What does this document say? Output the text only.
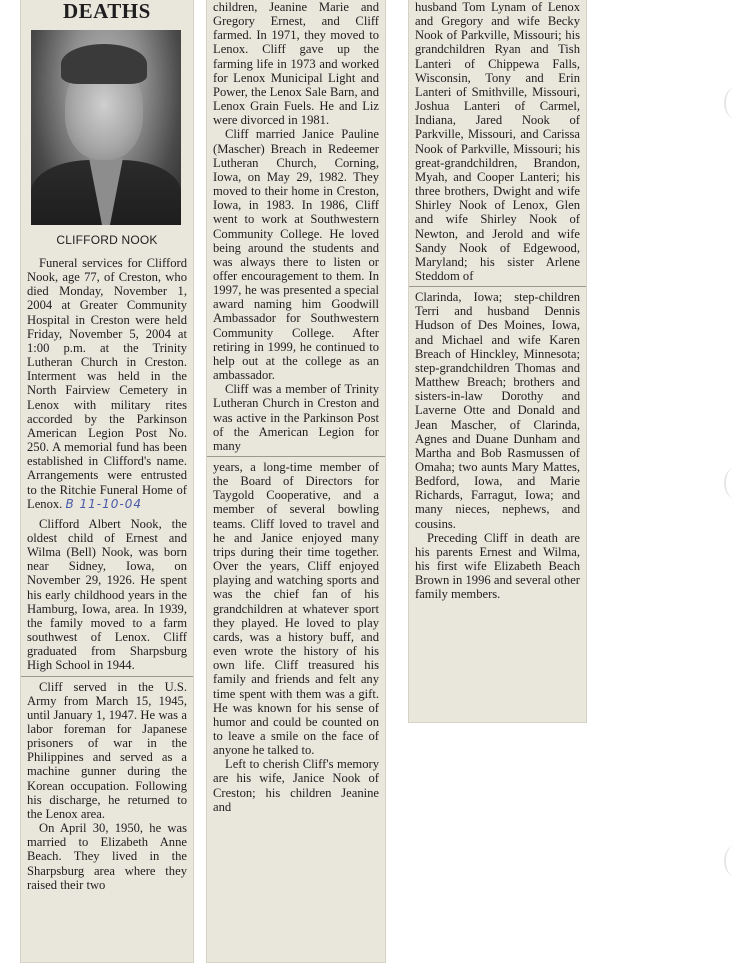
DEATHS
CLIFFORD NOOK

Funeral services for Clifford Nook, age 77, of Creston, who died Monday, November 1, 2004 at Greater Community Hospital in Creston were held Friday, November 5, 2004 at 1:00 p.m. at the Trinity Lutheran Church in Creston. Interment was held in the North Fairview Cemetery in Lenox with military rites accorded by the Parkinson American Legion Post No. 250. A memorial fund has been established in Clifford's name. Arrangements were entrusted to the Ritchie Funeral Home of Lenox. B 11-10-04

Clifford Albert Nook, the oldest child of Ernest and Wilma (Bell) Nook, was born near Sidney, Iowa, on November 29, 1926. He spent his early childhood years in the Hamburg, Iowa, area. In 1939, the family moved to a farm southwest of Lenox. Cliff graduated from Sharpsburg High School in 1944.

Cliff served in the U.S. Army from March 15, 1945, until January 1, 1947. He was a labor foreman for Japanese prisoners of war in the Philippines and served as a machine gunner during the Korean occupation. Following his discharge, he returned to the Lenox area.

On April 30, 1950, he was married to Elizabeth Anne Beach. They lived in the Sharpsburg area where they raised their two

children, Jeanine Marie and Gregory Ernest, and Cliff farmed. In 1971, they moved to Lenox. Cliff gave up the farming life in 1973 and worked for Lenox Municipal Light and Power, the Lenox Sale Barn, and Lenox Grain Fuels. He and Liz were divorced in 1981.

Cliff married Janice Pauline (Mascher) Breach in Redeemer Lutheran Church, Corning, Iowa, on May 29, 1982. They moved to their home in Creston, Iowa, in 1983. In 1986, Cliff went to work at Southwestern Community College. He loved being around the students and was always there to listen or offer encouragement to them. In 1997, he was presented a special award naming him Goodwill Ambassador for Southwestern Community College. After retiring in 1999, he continued to help out at the college as an ambassador.

Cliff was a member of Trinity Lutheran Church in Creston and was active in the Parkinson Post of the American Legion for many

years, a long-time member of the Board of Directors for Taygold Cooperative, and a member of several bowling teams. Cliff loved to travel and he and Janice enjoyed many trips during their time together. Over the years, Cliff enjoyed playing and watching sports and was the chief fan of his grandchildren at whatever sport they played. He loved to play cards, was a history buff, and even wrote the history of his own life. Cliff treasured his family and friends and felt any time spent with them was a gift. He was known for his sense of humor and could be counted on to leave a smile on the face of anyone he talked to.

Left to cherish Cliff's memory are his wife, Janice Nook of Creston; his children Jeanine and

husband Tom Lynam of Lenox and Gregory and wife Becky Nook of Parkville, Missouri; his grandchildren Ryan and Tish Lanteri of Chippewa Falls, Wisconsin, Tony and Erin Lanteri of Smithville, Missouri, Joshua Lanteri of Carmel, Indiana, Jared Nook of Parkville, Missouri, and Carissa Nook of Parkville, Missouri; his great-grandchildren, Brandon, Myah, and Cooper Lanteri; his three brothers, Dwight and wife Shirley Nook of Lenox, Glen and wife Shirley Nook of Newton, and Jerold and wife Sandy Nook of Edgewood, Maryland; his sister Arlene Steddom of

Clarinda, Iowa; step-children Terri and husband Dennis Hudson of Des Moines, Iowa, and Michael and wife Karen Breach of Hinckley, Minnesota; step-grandchildren Thomas and Matthew Breach; brothers and sisters-in-law Dorothy and Laverne Otte and Donald and Jean Mascher, of Clarinda, Agnes and Duane Dunham and Martha and Bob Rasmussen of Omaha; two aunts Mary Mattes, Bedford, Iowa, and Marie Richards, Farragut, Iowa; and many nieces, nephews, and cousins.

Preceding Cliff in death are his parents Ernest and Wilma, his first wife Elizabeth Beach Brown in 1996 and several other family members.
